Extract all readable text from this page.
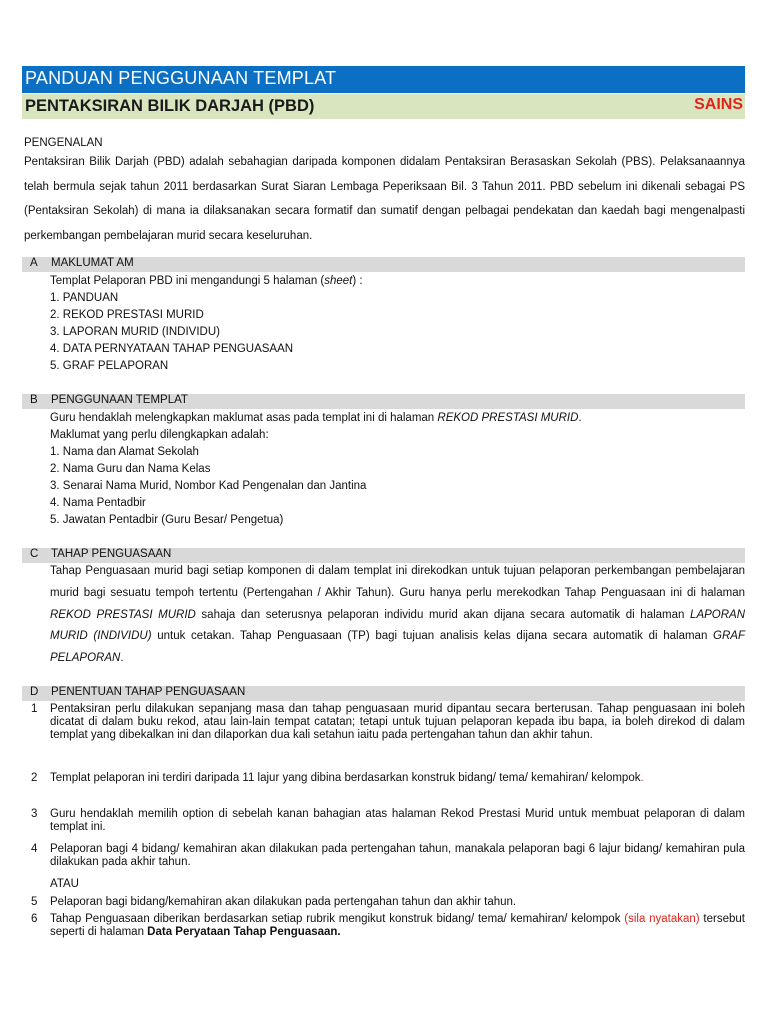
PANDUAN PENGGUNAAN TEMPLAT
PENTAKSIRAN BILIK DARJAH (PBD)	SAINS
PENGENALAN
Pentaksiran Bilik Darjah (PBD) adalah sebahagian daripada komponen didalam Pentaksiran Berasaskan Sekolah (PBS). Pelaksanaannya telah bermula sejak tahun 2011 berdasarkan Surat Siaran Lembaga Peperiksaan Bil. 3 Tahun 2011. PBD sebelum ini dikenali sebagai PS (Pentaksiran Sekolah) di mana ia dilaksanakan secara formatif dan sumatif dengan pelbagai pendekatan dan kaedah bagi mengenalpasti perkembangan pembelajaran murid secara keseluruhan.
A MAKLUMAT AM
Templat Pelaporan PBD ini mengandungi 5 halaman (sheet) :
1. PANDUAN
2. REKOD PRESTASI MURID
3. LAPORAN MURID (INDIVIDU)
4. DATA PERNYATAAN TAHAP PENGUASAAN
5. GRAF PELAPORAN
B PENGGUNAAN TEMPLAT
Guru hendaklah melengkapkan maklumat asas pada templat ini di halaman REKOD PRESTASI MURID.
Maklumat yang perlu dilengkapkan adalah:
1. Nama dan Alamat Sekolah
2. Nama Guru dan Nama Kelas
3. Senarai Nama Murid, Nombor Kad Pengenalan dan Jantina
4. Nama Pentadbir
5. Jawatan Pentadbir (Guru Besar/ Pengetua)
C TAHAP PENGUASAAN
Tahap Penguasaan murid bagi setiap komponen di dalam templat ini direkodkan untuk tujuan pelaporan perkembangan pembelajaran murid bagi sesuatu tempoh tertentu (Pertengahan / Akhir Tahun). Guru hanya perlu merekodkan Tahap Penguasaan ini di halaman REKOD PRESTASI MURID sahaja dan seterusnya pelaporan individu murid akan dijana secara automatik di halaman LAPORAN MURID (INDIVIDU) untuk cetakan. Tahap Penguasaan (TP) bagi tujuan analisis kelas dijana secara automatik di halaman GRAF PELAPORAN.
D PENENTUAN TAHAP PENGUASAAN
1 Pentaksiran perlu dilakukan sepanjang masa dan tahap penguasaan murid dipantau secara berterusan. Tahap penguasaan ini boleh dicatat di dalam buku rekod, atau lain-lain tempat catatan; tetapi untuk tujuan pelaporan kepada ibu bapa, ia boleh direkod di dalam templat yang dibekalkan ini dan dilaporkan dua kali setahun iaitu pada pertengahan tahun dan akhir tahun.
2 Templat pelaporan ini terdiri daripada 11 lajur yang dibina berdasarkan konstruk bidang/ tema/ kemahiran/ kelompok.
3 Guru hendaklah memilih option di sebelah kanan bahagian atas halaman Rekod Prestasi Murid untuk membuat pelaporan di dalam templat ini.
4 Pelaporan bagi 4 bidang/ kemahiran akan dilakukan pada pertengahan tahun, manakala pelaporan bagi 6 lajur bidang/ kemahiran pula dilakukan pada akhir tahun.
ATAU
5 Pelaporan bagi bidang/kemahiran akan dilakukan pada pertengahan tahun dan akhir tahun.
6 Tahap Penguasaan diberikan berdasarkan setiap rubrik mengikut konstruk bidang/ tema/ kemahiran/ kelompok (sila nyatakan) tersebut seperti di halaman Data Peryataan Tahap Penguasaan.
